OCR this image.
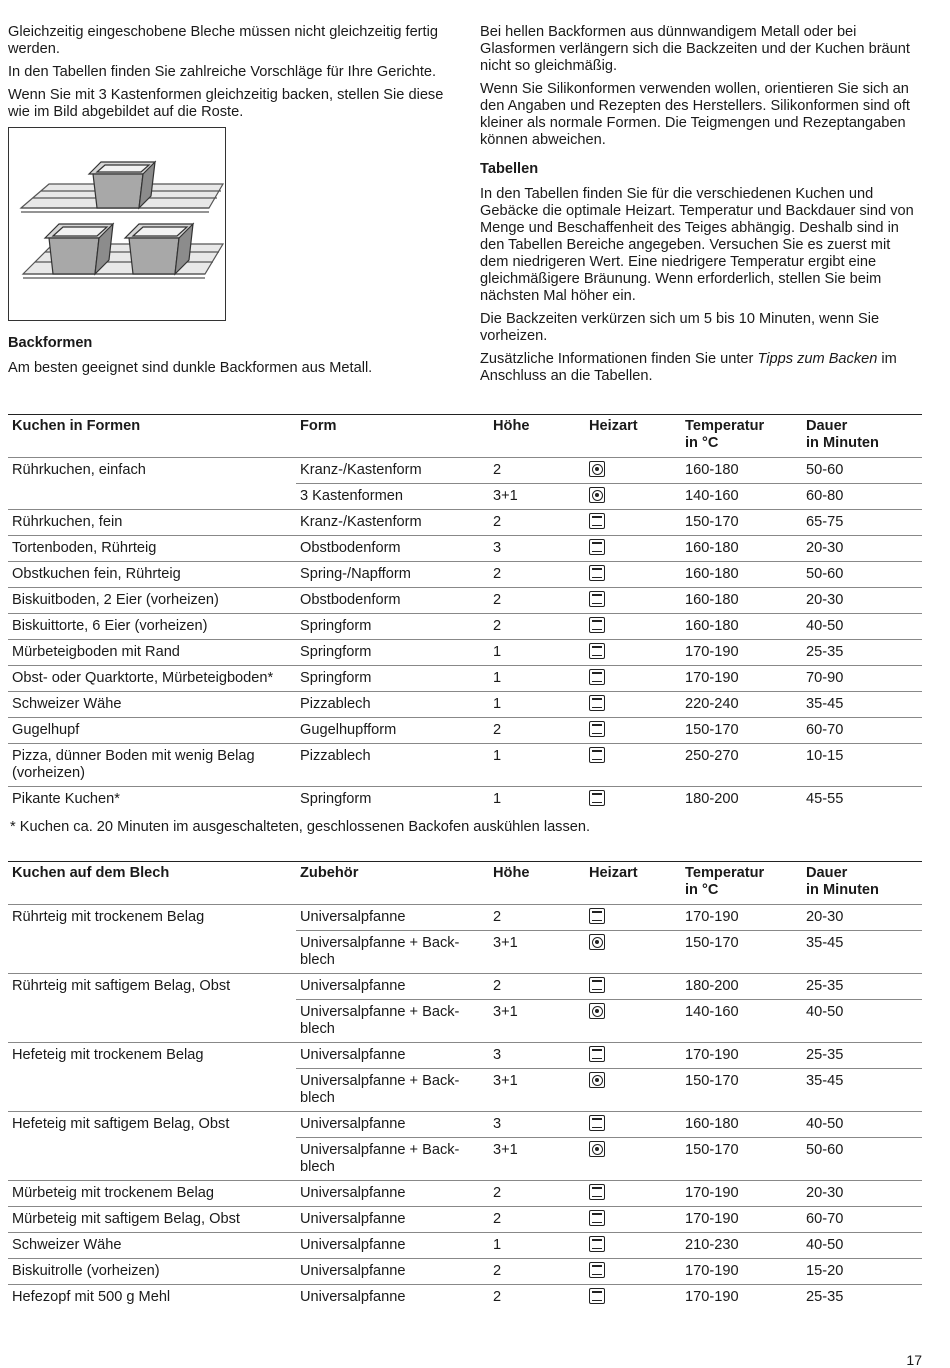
Gleichzeitig eingeschobene Bleche müssen nicht gleichzeitig fertig werden.

In den Tabellen finden Sie zahlreiche Vorschläge für Ihre Gerichte.

Wenn Sie mit 3 Kastenformen gleichzeitig backen, stellen Sie diese wie im Bild abgebildet auf die Roste.

Backformen

Am besten geeignet sind dunkle Backformen aus Metall.

Bei hellen Backformen aus dünnwandigem Metall oder bei Glasformen verlängern sich die Backzeiten und der Kuchen bräunt nicht so gleichmäßig.

Wenn Sie Silikonformen verwenden wollen, orientieren Sie sich an den Angaben und Rezepten des Herstellers. Silikonformen sind oft kleiner als normale Formen. Die Teigmengen und Rezeptangaben können abweichen.

Tabellen

In den Tabellen finden Sie für die verschiedenen Kuchen und Gebäcke die optimale Heizart. Temperatur und Backdauer sind von Menge und Beschaffenheit des Teiges abhängig. Deshalb sind in den Tabellen Bereiche angegeben. Versuchen Sie es zuerst mit dem niedrigeren Wert. Eine niedrigere Temperatur ergibt eine gleichmäßigere Bräunung. Wenn erforderlich, stellen Sie beim nächsten Mal höher ein.

Die Backzeiten verkürzen sich um 5 bis 10 Minuten, wenn Sie vorheizen.

Zusätzliche Informationen finden Sie unter Tipps zum Backen im Anschluss an die Tabellen.

Kuchen in Formen	Form	Höhe	Heizart	Temperatur
in °C	Dauer
in Minuten
Rührkuchen, einfach	Kranz-/Kastenform	2		160-180	50-60
	3 Kastenformen	3+1		140-160	60-80
Rührkuchen, fein	Kranz-/Kastenform	2		150-170	65-75
Tortenboden, Rührteig	Obstbodenform	3		160-180	20-30
Obstkuchen fein, Rührteig	Spring-/Napfform	2		160-180	50-60
Biskuitboden, 2 Eier (vorheizen)	Obstbodenform	2		160-180	20-30
Biskuittorte, 6 Eier (vorheizen)	Springform	2		160-180	40-50
Mürbeteigboden mit Rand	Springform	1		170-190	25-35
Obst- oder Quarktorte, Mürbeteigboden*	Springform	1		170-190	70-90
Schweizer Wähe	Pizzablech	1		220-240	35-45
Gugelhupf	Gugelhupfform	2		150-170	60-70
Pizza, dünner Boden mit wenig Belag (vorheizen)	Pizzablech	1		250-270	10-15
Pikante Kuchen*	Springform	1		180-200	45-55
* Kuchen ca. 20 Minuten im ausgeschalteten, geschlossenen Backofen auskühlen lassen.
Kuchen auf dem Blech	Zubehör	Höhe	Heizart	Temperatur
in °C	Dauer
in Minuten
Rührteig mit trockenem Belag	Universalpfanne	2		170-190	20-30
	Universalpfanne + Backblech	3+1		150-170	35-45
Rührteig mit saftigem Belag, Obst	Universalpfanne	2		180-200	25-35
	Universalpfanne + Backblech	3+1		140-160	40-50
Hefeteig mit trockenem Belag	Universalpfanne	3		170-190	25-35
	Universalpfanne + Backblech	3+1		150-170	35-45
Hefeteig mit saftigem Belag, Obst	Universalpfanne	3		160-180	40-50
	Universalpfanne + Backblech	3+1		150-170	50-60
Mürbeteig mit trockenem Belag	Universalpfanne	2		170-190	20-30
Mürbeteig mit saftigem Belag, Obst	Universalpfanne	2		170-190	60-70
Schweizer Wähe	Universalpfanne	1		210-230	40-50
Biskuitrolle (vorheizen)	Universalpfanne	2		170-190	15-20
Hefezopf mit 500 g Mehl	Universalpfanne	2		170-190	25-35
17
